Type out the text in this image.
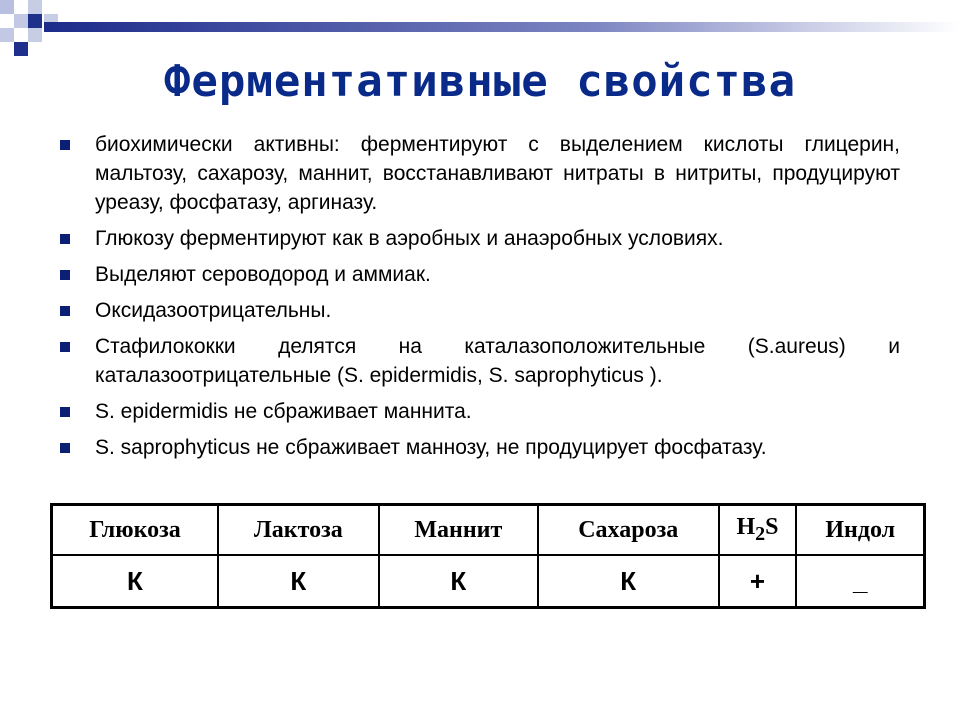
Ферментативные свойства
биохимически активны: ферментируют с выделением кислоты глицерин, мальтозу, сахарозу, маннит, восстанавливают нитраты в нитриты, продуцируют уреазу, фосфатазу, аргиназу.
Глюкозу ферментируют как в аэробных и анаэробных условиях.
Выделяют сероводород и аммиак.
Оксидазоотрицательны.
Стафилококки делятся на каталазоположительные (S.aureus) и каталазоотрицательные (S. epidermidis, S. saprophyticus ).
S. epidermidis не сбраживает маннита.
S. saprophyticus не сбраживает маннозу, не продуцирует фосфатазу.
Глюкоза	Лактоза	Маннит	Сахароза	$H_2S$	Индол
К	К	К	К	+	_
